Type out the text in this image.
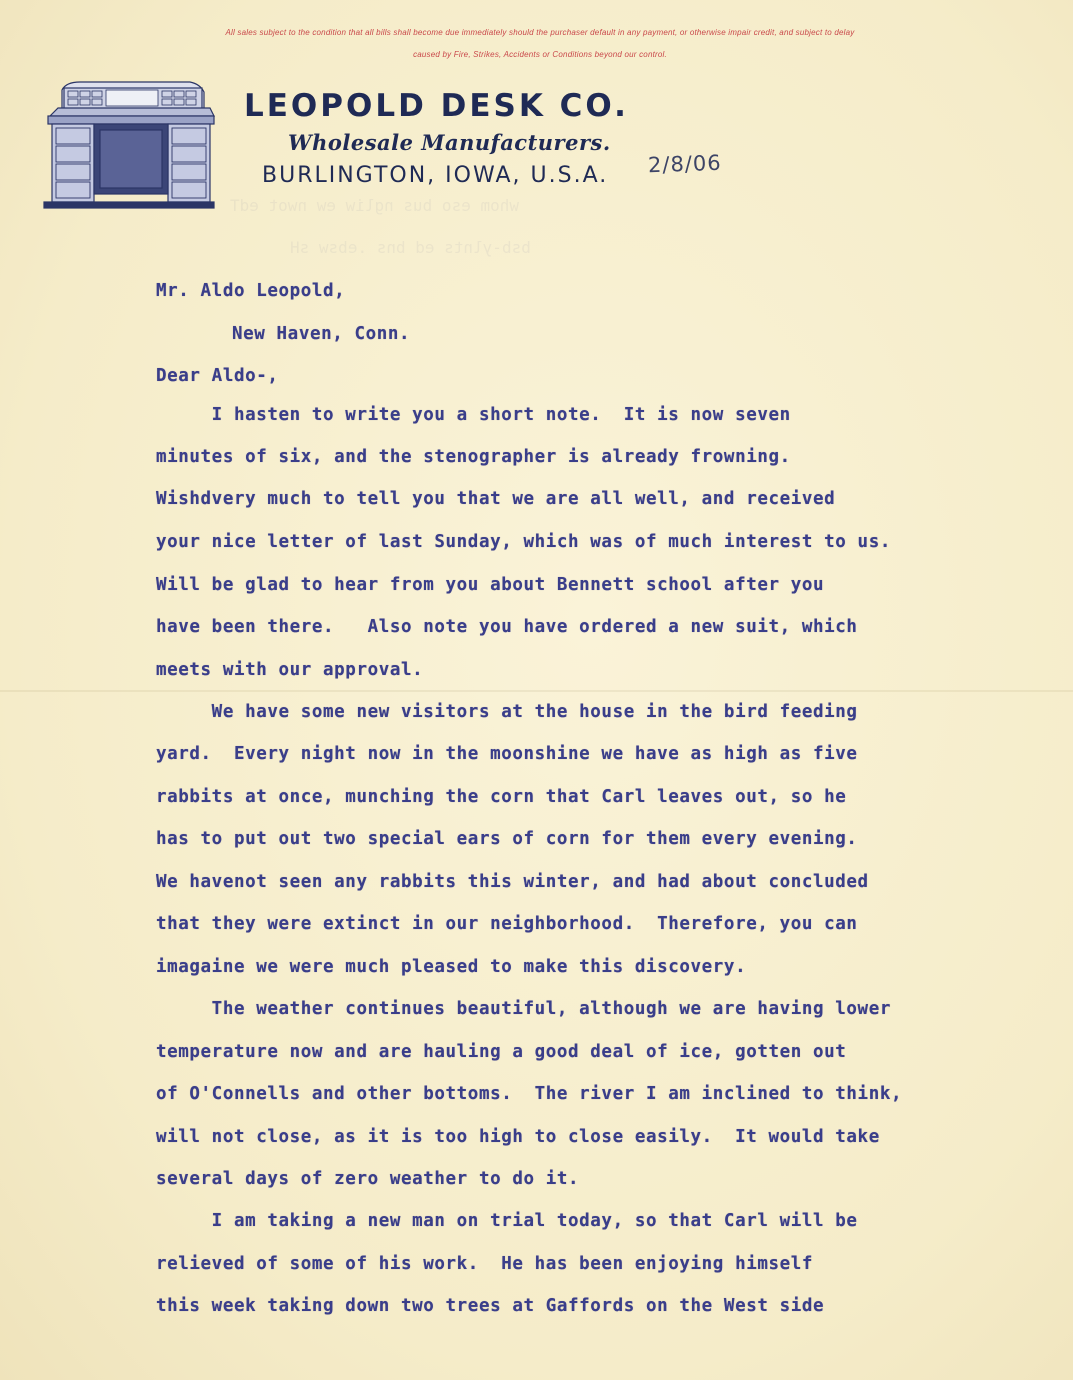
All sales subject to the condition that all bills shall become due immediately should the purchaser default in any payment, or otherwise impair credit, and subject to delay
caused by Fire, Strikes, Accidents or Conditions beyond our control.
LEOPOLD DESK CO.
Wholesale Manufacturers.
BURLINGTON, IOWA, U.S.A. 2/8/06
whom eso bus ngliw ew nwot edT
bsb-ylnts ed bns .ebsw sH
Mr. Aldo Leopold,
New Haven, Conn.
Dear Aldo-,
I hasten to write you a short note.  It is now seven
minutes of six, and the stenographer is already frowning.
Wishdvery much to tell you that we are all well, and received
your nice letter of last Sunday, which was of much interest to us.
Will be glad to hear from you about Bennett school after you
have been there.   Also note you have ordered a new suit, which
meets with our approval.
We have some new visitors at the house in the bird feeding
yard.  Every night now in the moonshine we have as high as five
rabbits at once, munching the corn that Carl leaves out, so he
has to put out two special ears of corn for them every evening.
We havenot seen any rabbits this winter, and had about concluded
that they were extinct in our neighborhood.  Therefore, you can
imagaine we were much pleased to make this discovery.
The weather continues beautiful, although we are having lower
temperature now and are hauling a good deal of ice, gotten out
of O'Connells and other bottoms.  The river I am inclined to think,
will not close, as it is too high to close easily.  It would take
several days of zero weather to do it.
I am taking a new man on trial today, so that Carl will be
relieved of some of his work.  He has been enjoying himself
this week taking down two trees at Gaffords on the West side
